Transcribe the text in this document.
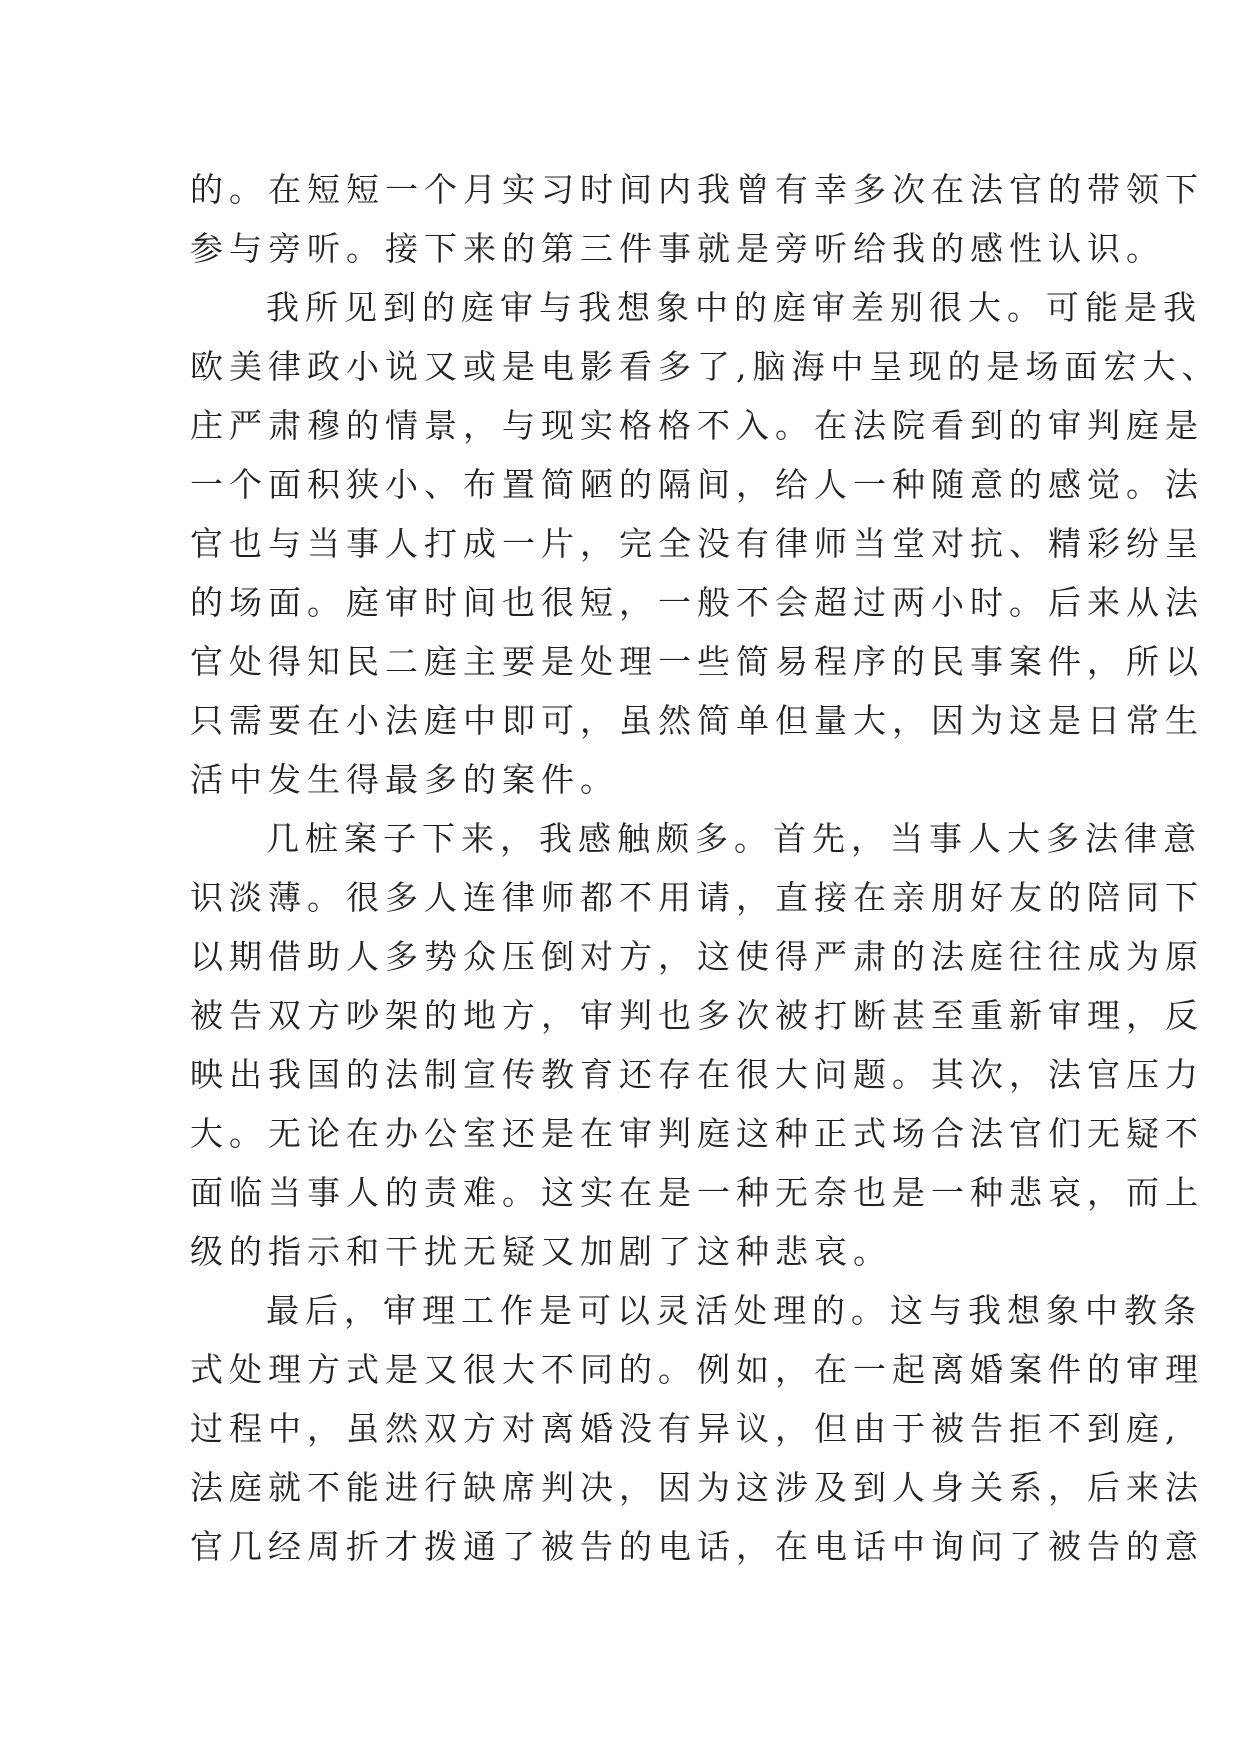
的。在短短一个月实习时间内我曾有幸多次在法官的带领下
参与旁听。接下来的第三件事就是旁听给我的感性认识。
我所见到的庭审与我想象中的庭审差别很大。可能是我
欧美律政小说又或是电影看多了,脑海中呈现的是场面宏大、
庄严肃穆的情景，与现实格格不入。在法院看到的审判庭是
一个面积狭小、布置简陋的隔间，给人一种随意的感觉。法
官也与当事人打成一片，完全没有律师当堂对抗、精彩纷呈
的场面。庭审时间也很短，一般不会超过两小时。后来从法
官处得知民二庭主要是处理一些简易程序的民事案件，所以
只需要在小法庭中即可，虽然简单但量大，因为这是日常生
活中发生得最多的案件。
几桩案子下来，我感触颇多。首先，当事人大多法律意
识淡薄。很多人连律师都不用请，直接在亲朋好友的陪同下
以期借助人多势众压倒对方，这使得严肃的法庭往往成为原
被告双方吵架的地方，审判也多次被打断甚至重新审理，反
映出我国的法制宣传教育还存在很大问题。其次，法官压力
大。无论在办公室还是在审判庭这种正式场合法官们无疑不
面临当事人的责难。这实在是一种无奈也是一种悲哀，而上
级的指示和干扰无疑又加剧了这种悲哀。
最后，审理工作是可以灵活处理的。这与我想象中教条
式处理方式是又很大不同的。例如，在一起离婚案件的审理
过程中，虽然双方对离婚没有异议，但由于被告拒不到庭,
法庭就不能进行缺席判决，因为这涉及到人身关系，后来法
官几经周折才拨通了被告的电话，在电话中询问了被告的意
